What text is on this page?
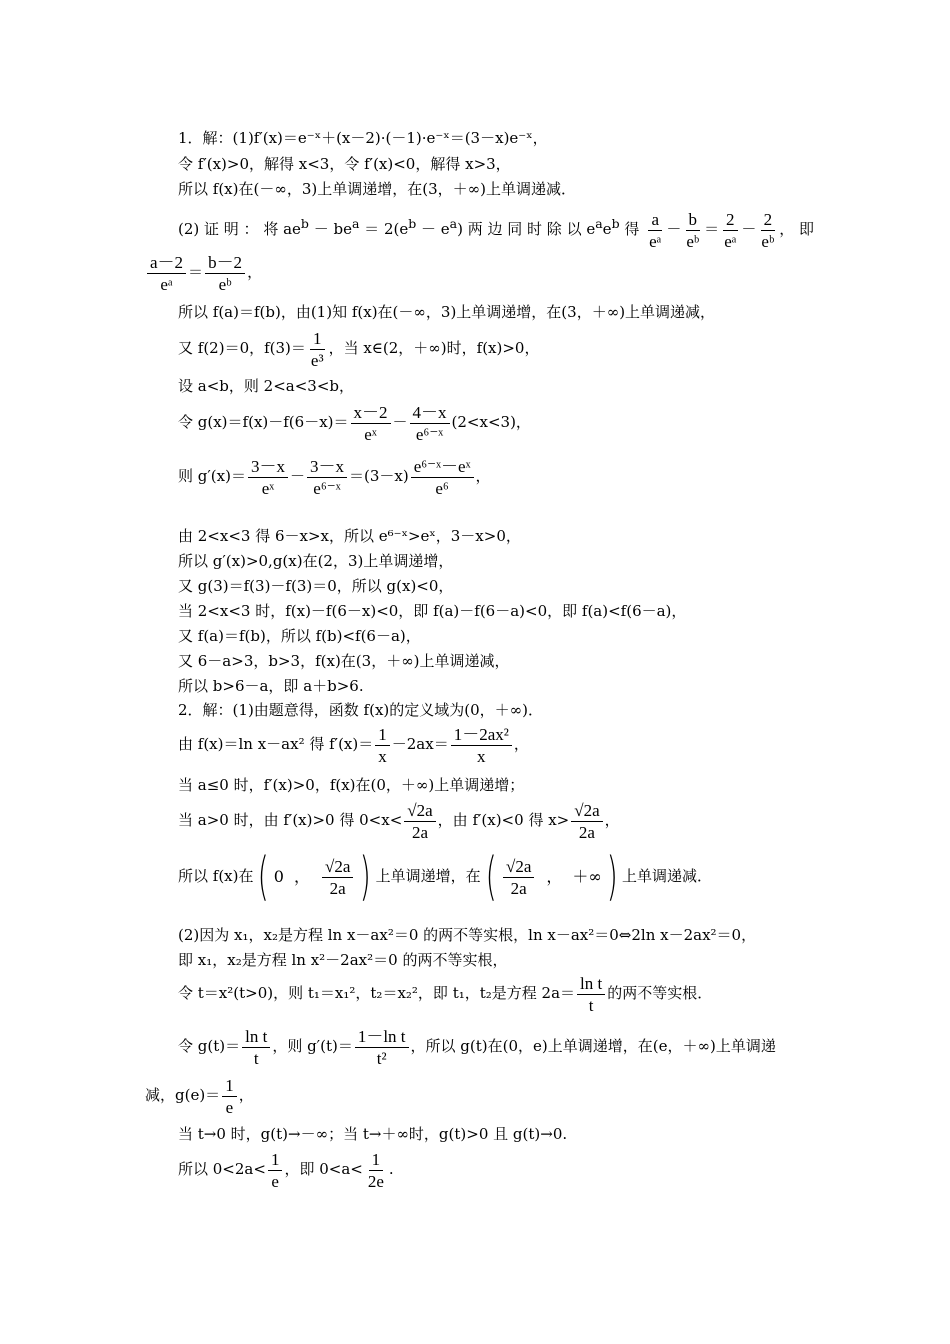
1．解：(1)f′(x)＝e⁻ˣ＋(x－2)·(－1)·e⁻ˣ＝(3－x)e⁻ˣ，
令 f′(x)>0，解得 x<3，令 f′(x)<0，解得 x>3，
所以 f(x)在(－∞，3)上单调递增，在(3，＋∞)上单调递减．
(2) 证 明 ： 将 $ae^b - be^a = 2(e^b - e^a)$ 两 边 同 时 除 以 $e^ae^b$ 得 $\frac{a}{\text{eᵃ}} - \frac{b}{\text{eᵇ}} = \frac{2}{\text{eᵃ}} - \frac{2}{\text{eᵇ}}$ ， 即
$\frac{a-2}{\text{eᵃ}} = \frac{b-2}{\text{eᵇ}}$ ，
所以 f(a)＝f(b)，由(1)知 f(x)在(－∞，3)上单调递增，在(3，＋∞)上单调递减，
又 f(2)＝0，$f(3)= \frac{1}{\text{e³}}$ ，当 x∈(2，＋∞)时，f(x)>0，
设 a<b，则 2<a<3<b，
令 $g(x)=f(x)-f(6-x)= \frac{x-2}{\text{eˣ}} - \frac{4-x}{\text{e⁶⁻ˣ}} (2<x<3)$，
则 $g'(x)= \frac{3-x}{\text{eˣ}} - \frac{3-x}{\text{e⁶⁻ˣ}} =(3-x) \frac{\text{e⁶⁻ˣ－eˣ}}{\text{e⁶}}$ ，
由 2<x<3 得 6－x>x，所以 e⁶⁻ˣ>eˣ，3－x>0，
所以 g′(x)>0,g(x)在(2，3)上单调递增，
又 g(3)＝f(3)－f(3)＝0，所以 g(x)<0，
当 2<x<3 时，f(x)－f(6－x)<0，即 f(a)－f(6－a)<0，即 f(a)<f(6－a)，
又 f(a)＝f(b)，所以 f(b)<f(6－a)，
又 6－a>3，b>3，f(x)在(3，＋∞)上单调递减，
所以 b>6－a，即 a＋b>6.
2．解：(1)由题意得，函数 f(x)的定义域为(0，＋∞)．
由 f(x)＝ln x－ax² 得 $f'(x)= \frac{1}{x} -2ax= \frac{\text{1－2ax²}}{x}$ ，
当 a≤0 时，f′(x)>0，f(x)在(0，＋∞)上单调递增；
当 a>0 时，由 f′(x)>0 得 $0<x< \frac{√2a}{2a}$ ，由 f′(x)<0 得 $x> \frac{√2a}{2a}$ ，
所以 f(x)在( 0 ， $\frac{√2a}{2a}$ ) 上单调递增，在( $\frac{√2a}{2a}$ ， ＋∞ ) 上单调递减．
(2)因为 x₁，x₂是方程 ln x－ax²＝0 的两不等实根，ln x－ax²＝0⇔2ln x－2ax²＝0，
即 x₁，x₂是方程 ln x²－2ax²＝0 的两不等实根，
令 t＝x²(t>0)，则 t₁＝x₁²，t₂＝x₂²，即 t₁，t₂是方程 $2a= \frac{\text{ln t}}{t}$ 的两不等实根．
令 $g(t)= \frac{\text{ln t}}{t}$ ，则 $g'(t)= \frac{\text{1－ln t}}{\text{t²}}$ ，所以 g(t)在(0，e)上单调递增，在(e，＋∞)上单调递
减，$g(e)= \frac{1}{e}$ ，
当 t→0 时，g(t)→－∞；当 t→＋∞时，g(t)>0 且 g(t)→0.
所以 $0<2a< \frac{1}{e}$ ，即 $0<a< \frac{1}{2e}$ .
